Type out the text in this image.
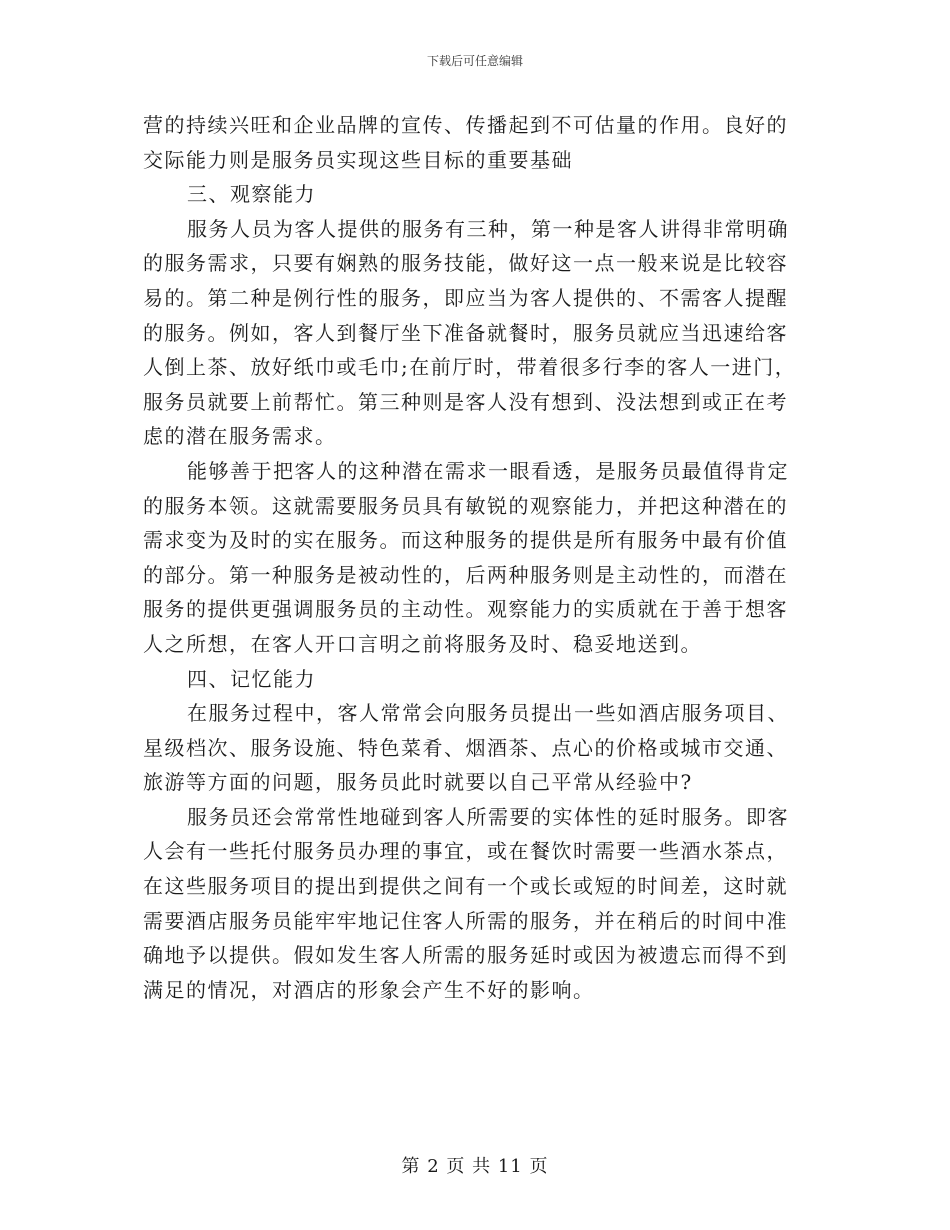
下载后可任意编辑
营的持续兴旺和企业品牌的宣传、传播起到不可估量的作用。良好的
交际能力则是服务员实现这些目标的重要基础
三、观察能力
服务人员为客人提供的服务有三种，第一种是客人讲得非常明确
的服务需求，只要有娴熟的服务技能，做好这一点一般来说是比较容
易的。第二种是例行性的服务，即应当为客人提供的、不需客人提醒
的服务。例如，客人到餐厅坐下准备就餐时，服务员就应当迅速给客
人倒上茶、放好纸巾或毛巾;在前厅时，带着很多行李的客人一进门，
服务员就要上前帮忙。第三种则是客人没有想到、没法想到或正在考
虑的潜在服务需求。
能够善于把客人的这种潜在需求一眼看透，是服务员最值得肯定
的服务本领。这就需要服务员具有敏锐的观察能力，并把这种潜在的
需求变为及时的实在服务。而这种服务的提供是所有服务中最有价值
的部分。第一种服务是被动性的，后两种服务则是主动性的，而潜在
服务的提供更强调服务员的主动性。观察能力的实质就在于善于想客
人之所想，在客人开口言明之前将服务及时、稳妥地送到。
四、记忆能力
在服务过程中，客人常常会向服务员提出一些如酒店服务项目、
星级档次、服务设施、特色菜肴、烟酒茶、点心的价格或城市交通、
旅游等方面的问题，服务员此时就要以自己平常从经验中?
服务员还会常常性地碰到客人所需要的实体性的延时服务。即客
人会有一些托付服务员办理的事宜，或在餐饮时需要一些酒水茶点，
在这些服务项目的提出到提供之间有一个或长或短的时间差，这时就
需要酒店服务员能牢牢地记住客人所需的服务，并在稍后的时间中准
确地予以提供。假如发生客人所需的服务延时或因为被遗忘而得不到
满足的情况，对酒店的形象会产生不好的影响。
第 2 页 共 11 页
